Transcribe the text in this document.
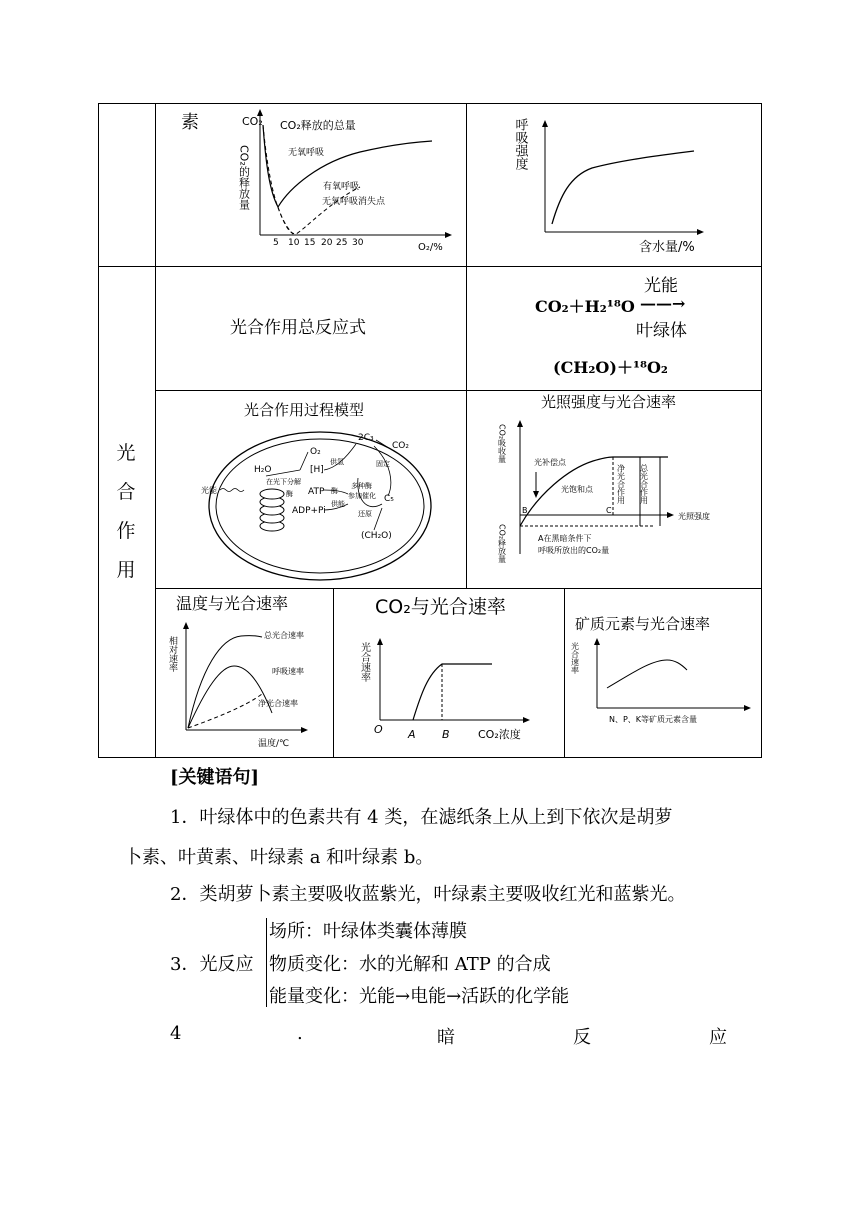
素	CO₂
CO₂的释放量
5 10 15 20 25 30	O₂/%
CO₂释放的总量
无氧呼吸
有氧呼吸
无氧呼吸消失点
呼吸强度
含水量/%
光
合
作
用
光合作用总反应式
光能
CO₂＋H₂¹⁸O ——→
叶绿体
(CH₂O)＋¹⁸O₂
光合作用过程模型
光能
H₂O
在光下分解
O₂
[H]
供氢
ATP
酶	酶
供能
ADP+Pi
CO₂
2C₃
固定
C₅
多种酶
参加催化
还原
(CH₂O)
光照强度与光合速率
CO₂吸收量
CO₂释放量
光照强度
光补偿点
光饱和点	净光合作用 总光合作用
B	C
A在黑暗条件下
呼吸所放出的CO₂量
温度与光合速率
相对速率
总光合速率
呼吸速率
净光合速率
温度/℃
CO₂与光合速率
光合速率
O A B	CO₂浓度
矿质元素与光合速率
光合速率
N、P、K等矿质元素含量
[关键语句]
1．叶绿体中的色素共有 4 类，在滤纸条上从上到下依次是胡萝
卜素、叶黄素、叶绿素 a 和叶绿素 b。
2．类胡萝卜素主要吸收蓝紫光，叶绿素主要吸收红光和蓝紫光。
3．光反应
场所：叶绿体类囊体薄膜
物质变化：水的光解和 ATP 的合成
能量变化：光能→电能→活跃的化学能
4	.	暗	反	应
